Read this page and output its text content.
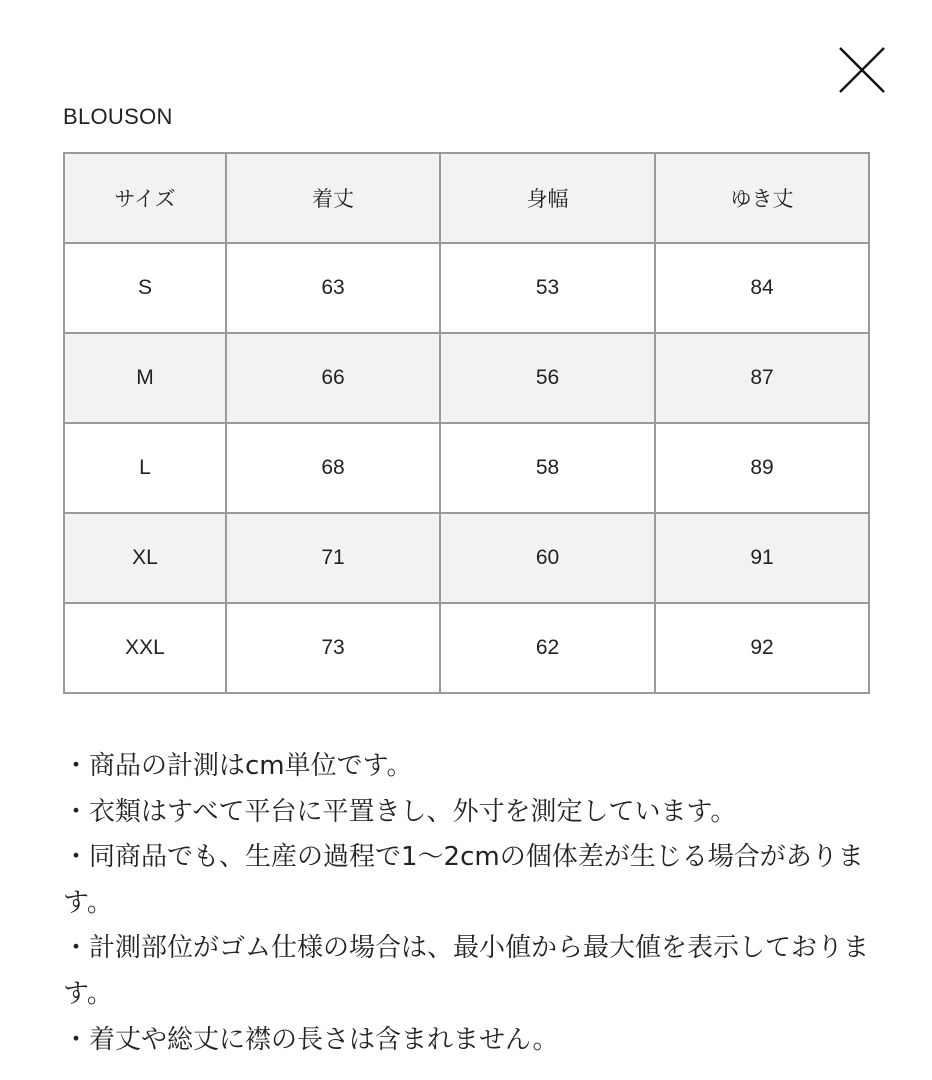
BLOUSON
サイズ	着丈	身幅	ゆき丈
S	63	53	84
M	66	56	87
L	68	58	89
XL	71	60	91
XXL	73	62	92

・商品の計測はcm単位です。

・衣類はすべて平台に平置きし、外寸を測定しています。

・同商品でも、生産の過程で1〜2cmの個体差が生じる場合があります。

・計測部位がゴム仕様の場合は、最小値から最大値を表示しております。

・着丈や総丈に襟の長さは含まれません。
